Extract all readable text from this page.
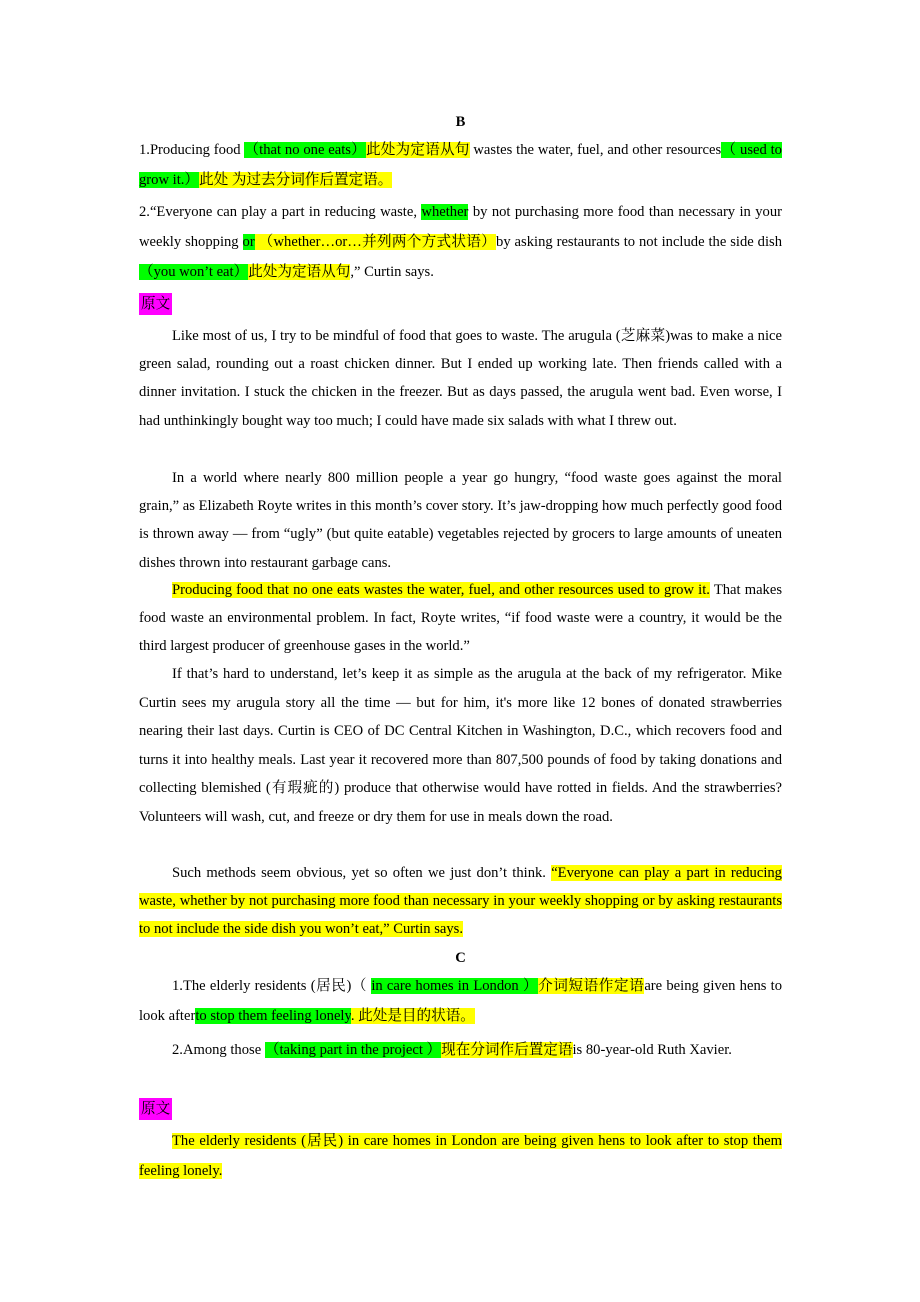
B
1.Producing food （that no one eats）此处为定语从句 wastes the water, fuel, and other resources（ used to grow it.）此处 为过去分词作后置定语。
2.“Everyone can play a part in reducing waste, whether by not purchasing more food than necessary in your weekly shopping or （whether…or…并列两个方式状语）by asking restaurants to not include the side dish （you won’t eat）此处为定语从句,” Curtin says.
原文
Like most of us, I try to be mindful of food that goes to waste. The arugula (芝麻菜)was to make a nice green salad, rounding out a roast chicken dinner. But I ended up working late. Then friends called with a dinner invitation. I stuck the chicken in the freezer. But as days passed, the arugula went bad. Even worse, I had unthinkingly bought way too much; I could have made six salads with what I threw out.
In a world where nearly 800 million people a year go hungry, “food waste goes against the moral grain,” as Elizabeth Royte writes in this month’s cover story. It’s jaw-dropping how much perfectly good food is thrown away — from “ugly” (but quite eatable) vegetables rejected by grocers to large amounts of uneaten dishes thrown into restaurant garbage cans.
Producing food that no one eats wastes the water, fuel, and other resources used to grow it. That makes food waste an environmental problem. In fact, Royte writes, “if food waste were a country, it would be the third largest producer of greenhouse gases in the world.”
If that’s hard to understand, let’s keep it as simple as the arugula at the back of my refrigerator. Mike Curtin sees my arugula story all the time — but for him, it's more like 12 bones of donated strawberries nearing their last days. Curtin is CEO of DC Central Kitchen in Washington, D.C., which recovers food and turns it into healthy meals. Last year it recovered more than 807,500 pounds of food by taking donations and collecting blemished (有瑕疵的) produce that otherwise would have rotted in fields. And the strawberries? Volunteers will wash, cut, and freeze or dry them for use in meals down the road.
Such methods seem obvious, yet so often we just don’t think. “Everyone can play a part in reducing waste, whether by not purchasing more food than necessary in your weekly shopping or by asking restaurants to not include the side dish you won’t eat,” Curtin says.
C
1.The elderly residents (居民)（ in care homes in London ）介词短语作定语are being given hens to look afterto stop them feeling lonely. 此处是目的状语。
2.Among those （taking part in the project ）现在分词作后置定语is 80-year-old Ruth Xavier.
原文
The elderly residents (居民) in care homes in London are being given hens to look after to stop them feeling lonely.
